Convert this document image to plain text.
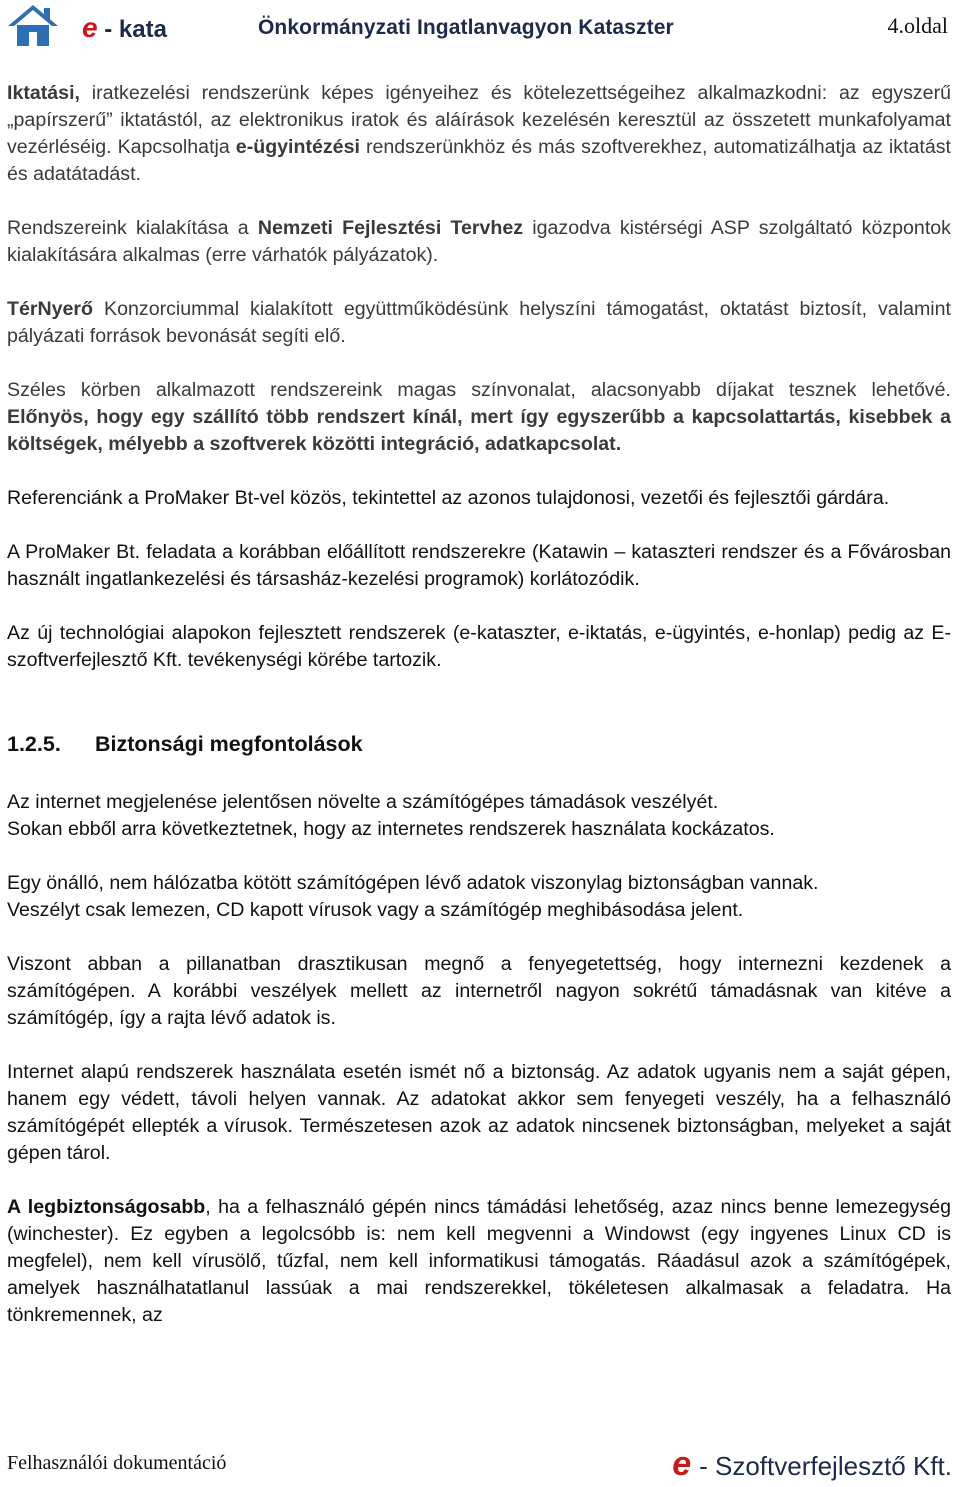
e - kata	Önkormányzati Ingatlanvagyon Kataszter	4.oldal

Iktatási, iratkezelési rendszerünk képes igényeihez és kötelezettségeihez alkalmazkodni: az egyszerű „papírszerű” iktatástól, az elektronikus iratok és aláírások kezelésén keresztül az összetett munkafolyamat vezérléséig. Kapcsolhatja e-ügyintézési rendszerünkhöz és más szoftverekhez, automatizálhatja az iktatást és adatátadást.

Rendszereink kialakítása a Nemzeti Fejlesztési Tervhez igazodva kistérségi ASP szolgáltató központok kialakítására alkalmas (erre várhatók pályázatok).

TérNyerő Konzorciummal kialakított együttműködésünk helyszíni támogatást, oktatást biztosít, valamint pályázati források bevonását segíti elő.

Széles körben alkalmazott rendszereink magas színvonalat, alacsonyabb díjakat tesznek lehetővé. Előnyös, hogy egy szállító több rendszert kínál, mert így egyszerűbb a kapcsolattartás, kisebbek a költségek, mélyebb a szoftverek közötti integráció, adatkapcsolat.

Referenciánk a ProMaker Bt-vel közös, tekintettel az azonos tulajdonosi, vezetői és fejlesztői gárdára.

A ProMaker Bt. feladata a korábban előállított rendszerekre (Katawin – kataszteri rendszer és a Fővárosban használt ingatlankezelési és társasház-kezelési programok) korlátozódik.

Az új technológiai alapokon fejlesztett rendszerek (e-kataszter, e-iktatás, e-ügyintés, e-honlap) pedig az E-szoftverfejlesztő Kft. tevékenységi körébe tartozik.

1.2.5. Biztonsági megfontolások

Az internet megjelenése jelentősen növelte a számítógépes támadások veszélyét.

Sokan ebből arra következtetnek, hogy az internetes rendszerek használata kockázatos.

Egy önálló, nem hálózatba kötött számítógépen lévő adatok viszonylag biztonságban vannak.

Veszélyt csak lemezen, CD kapott vírusok vagy a számítógép meghibásodása jelent.

Viszont abban a pillanatban drasztikusan megnő a fenyegetettség, hogy internezni kezdenek a számítógépen. A korábbi veszélyek mellett az internetről nagyon sokrétű támadásnak van kitéve a számítógép, így a rajta lévő adatok is.

Internet alapú rendszerek használata esetén ismét nő a biztonság. Az adatok ugyanis nem a saját gépen, hanem egy védett, távoli helyen vannak. Az adatokat akkor sem fenyegeti veszély, ha a felhasználó számítógépét ellepték a vírusok. Természetesen azok az adatok nincsenek biztonságban, melyeket a saját gépen tárol.

A legbiztonságosabb, ha a felhasználó gépén nincs támádási lehetőség, azaz nincs benne lemezegység (winchester). Ez egyben a legolcsóbb is: nem kell megvenni a Windowst (egy ingyenes Linux CD is megfelel), nem kell vírusölő, tűzfal, nem kell informatikusi támogatás. Ráadásul azok a számítógépek, amelyek használhatatlanul lassúak a mai rendszerekkel, tökéletesen alkalmasak a feladatra. Ha tönkremennek, az

Felhasználói dokumentáció	e - Szoftverfejlesztő Kft.
